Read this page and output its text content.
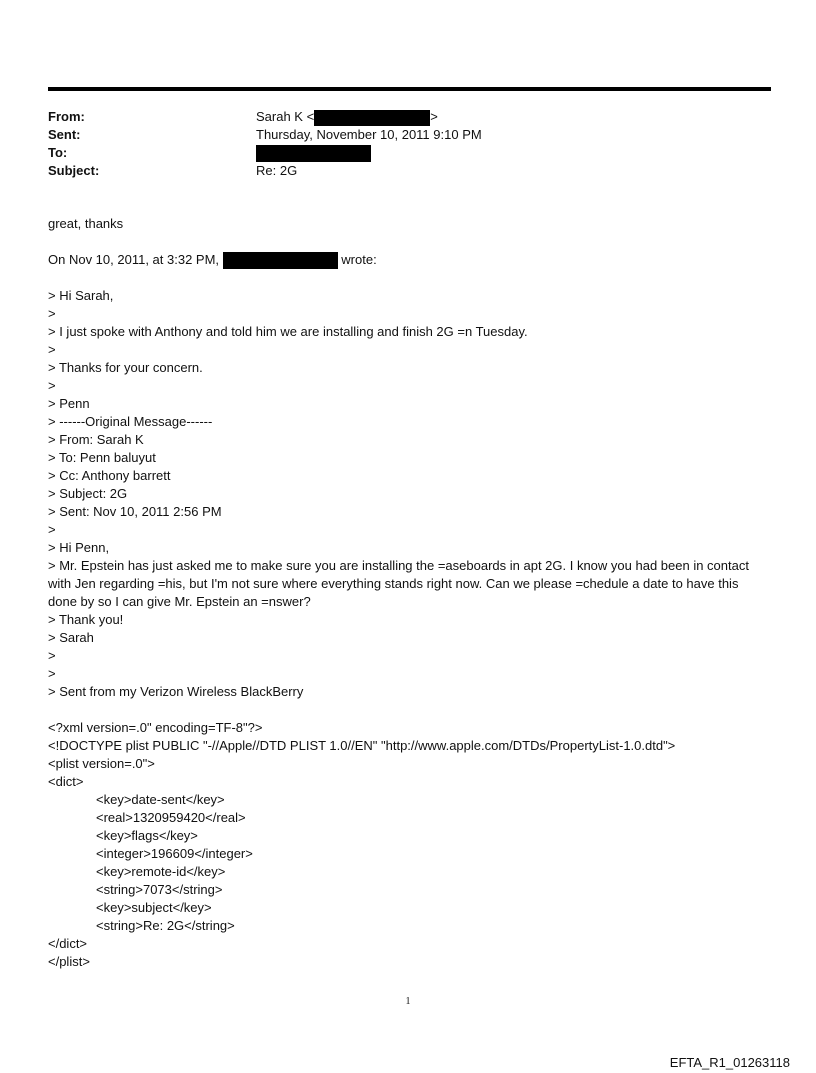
From:	Sarah K <	>
Sent:	Thursday, November 10, 2011 9:10 PM
To:
Subject:	Re: 2G
great, thanks
On Nov 10, 2011, at 3:32 PM,	wrote:
> Hi Sarah,
>
> I just spoke with Anthony and told him we are installing and finish 2G =n Tuesday.
>
> Thanks for your concern.
>
> Penn
> ------Original Message------
> From: Sarah K
> To: Penn baluyut
> Cc: Anthony barrett
> Subject: 2G
> Sent: Nov 10, 2011 2:56 PM
>
> Hi Penn,
> Mr. Epstein has just asked me to make sure you are installing the =aseboards in apt 2G. I know you had been in contact with Jen regarding =his, but I'm not sure where everything stands right now. Can we please =chedule a date to have this done by so I can give Mr. Epstein an =nswer?
> Thank you!
> Sarah
>
>
> Sent from my Verizon Wireless BlackBerry
<?xml version=.0" encoding=TF-8"?>
<!DOCTYPE plist PUBLIC "-//Apple//DTD PLIST 1.0//EN" "http://www.apple.com/DTDs/PropertyList-1.0.dtd">
<plist version=.0">
<dict>
<key>date-sent</key>
<real>1320959420</real>
<key>flags</key>
<integer>196609</integer>
<key>remote-id</key>
<string>7073</string>
<key>subject</key>
<string>Re: 2G</string>
</dict>
</plist>
1
EFTA_R1_01263118
